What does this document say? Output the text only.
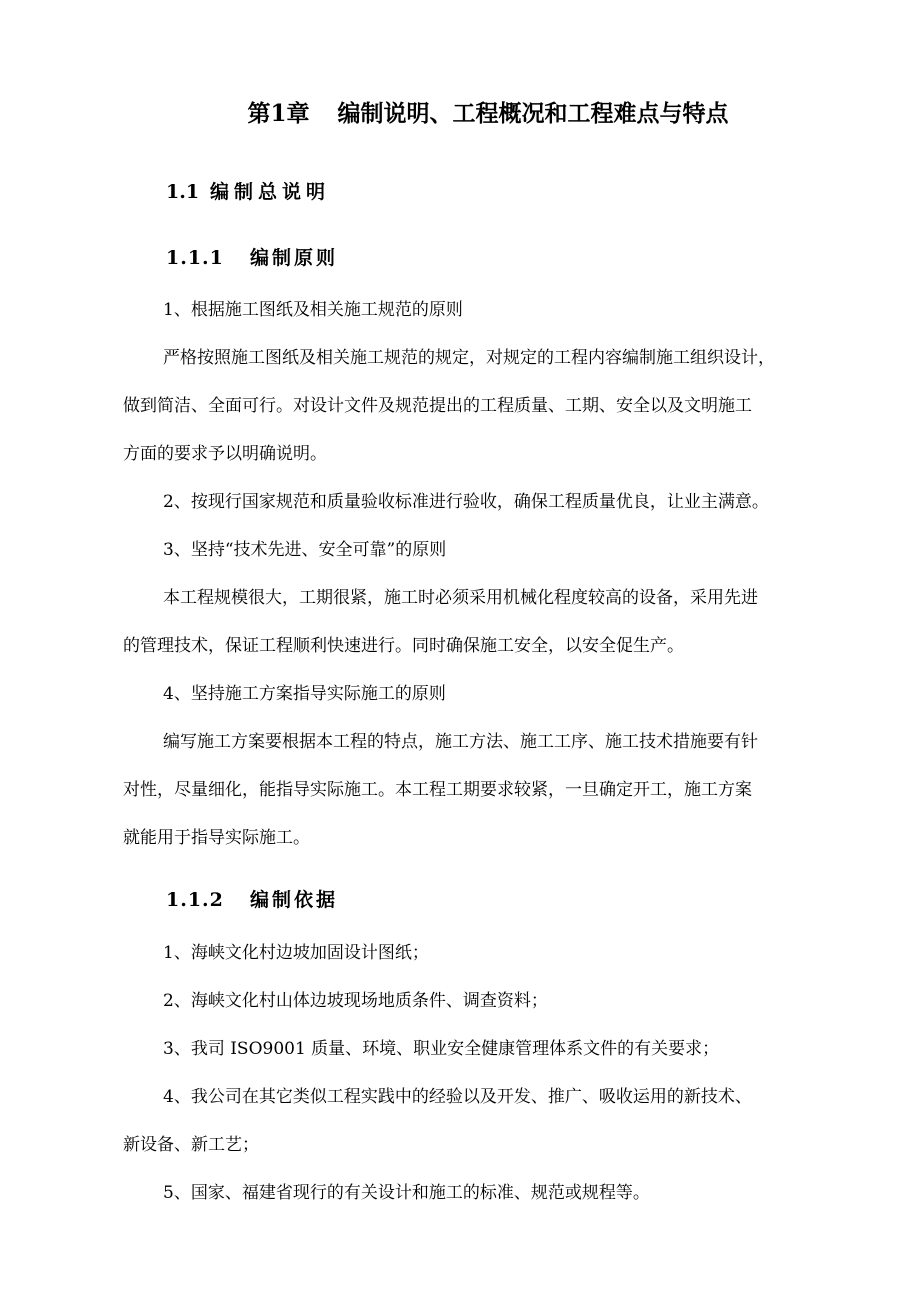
第1章 编制说明、工程概况和工程难点与特点
1.1 编制总说明
1.1.1 编制原则
1、根据施工图纸及相关施工规范的原则
严格按照施工图纸及相关施工规范的规定，对规定的工程内容编制施工组织设计，
做到简洁、全面可行。对设计文件及规范提出的工程质量、工期、安全以及文明施工
方面的要求予以明确说明。
2、按现行国家规范和质量验收标准进行验收，确保工程质量优良，让业主满意。
3、坚持“技术先进、安全可靠”的原则
本工程规模很大，工期很紧，施工时必须采用机械化程度较高的设备，采用先进
的管理技术，保证工程顺利快速进行。同时确保施工安全，以安全促生产。
4、坚持施工方案指导实际施工的原则
编写施工方案要根据本工程的特点，施工方法、施工工序、施工技术措施要有针
对性，尽量细化，能指导实际施工。本工程工期要求较紧，一旦确定开工，施工方案
就能用于指导实际施工。
1.1.2 编制依据
1、海峡文化村边坡加固设计图纸；
2、海峡文化村山体边坡现场地质条件、调查资料；
3、我司 ISO9001 质量、环境、职业安全健康管理体系文件的有关要求；
4、我公司在其它类似工程实践中的经验以及开发、推广、吸收运用的新技术、
新设备、新工艺；
5、国家、福建省现行的有关设计和施工的标准、规范或规程等。
